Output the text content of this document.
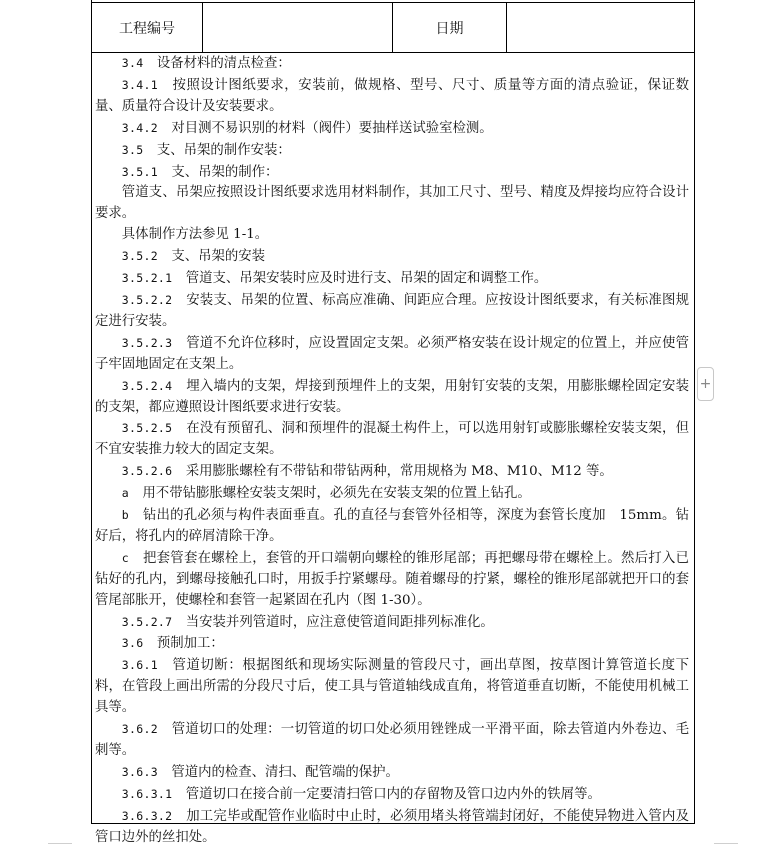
工程编号	日期

3.4　 设备材料的清点检查：

3.4.1　 按照设计图纸要求，安装前，做规格、型号、尺寸、质量等方面的清点验证，保证数量、质量符合设计及安装要求。

3.4.2　 对目测不易识别的材料（阀件）要抽样送试验室检测。

3.5　 支、吊架的制作安装：

3.5.1　 支、吊架的制作：

管道支、吊架应按照设计图纸要求选用材料制作，其加工尺寸、型号、精度及焊接均应符合设计要求。

具体制作方法参见 1-1。

3.5.2　 支、吊架的安装

3.5.2.1　 管道支、吊架安装时应及时进行支、吊架的固定和调整工作。

3.5.2.2　 安装支、吊架的位置、标高应准确、间距应合理。应按设计图纸要求，有关标准图规定进行安装。

3.5.2.3　 管道不允许位移时，应设置固定支架。必须严格安装在设计规定的位置上，并应使管子牢固地固定在支架上。

3.5.2.4　 埋入墙内的支架，焊接到预埋件上的支架，用射钉安装的支架，用膨胀螺栓固定安装的支架，都应遵照设计图纸要求进行安装。

3.5.2.5　 在没有预留孔、洞和预埋件的混凝土构件上，可以选用射钉或膨胀螺栓安装支架，但不宜安装推力较大的固定支架。

3.5.2.6　 采用膨胀螺栓有不带钻和带钻两种，常用规格为 M8、M10、M12 等。

a　 用不带钻膨胀螺栓安装支架时，必须先在安装支架的位置上钻孔。

b　 钻出的孔必须与构件表面垂直。孔的直径与套管外径相等，深度为套管长度加　15mm。钻好后，将孔内的碎屑清除干净。

c　 把套管套在螺栓上，套管的开口端朝向螺栓的锥形尾部；再把螺母带在螺栓上。然后打入已钻好的孔内，到螺母接触孔口时，用扳手拧紧螺母。随着螺母的拧紧，螺栓的锥形尾部就把开口的套管尾部胀开，使螺栓和套管一起紧固在孔内（图 1-30）。

3.5.2.7　 当安装并列管道时，应注意使管道间距排列标准化。

3.6　 预制加工：

3.6.1　 管道切断：根据图纸和现场实际测量的管段尺寸，画出草图，按草图计算管道长度下料，在管段上画出所需的分段尺寸后，使工具与管道轴线成直角，将管道垂直切断，不能使用机械工具等。

3.6.2　 管道切口的处理：一切管道的切口处必须用锉锉成一平滑平面，除去管道内外卷边、毛刺等。

3.6.3　 管道内的检查、清扫、配管端的保护。

3.6.3.1　 管道切口在接合前一定要清扫管口内的存留物及管口边内外的铁屑等。

3.6.3.2　 加工完毕或配管作业临时中止时，必须用堵头将管端封闭好，不能使异物进入管内及管口边外的丝扣处。

+
